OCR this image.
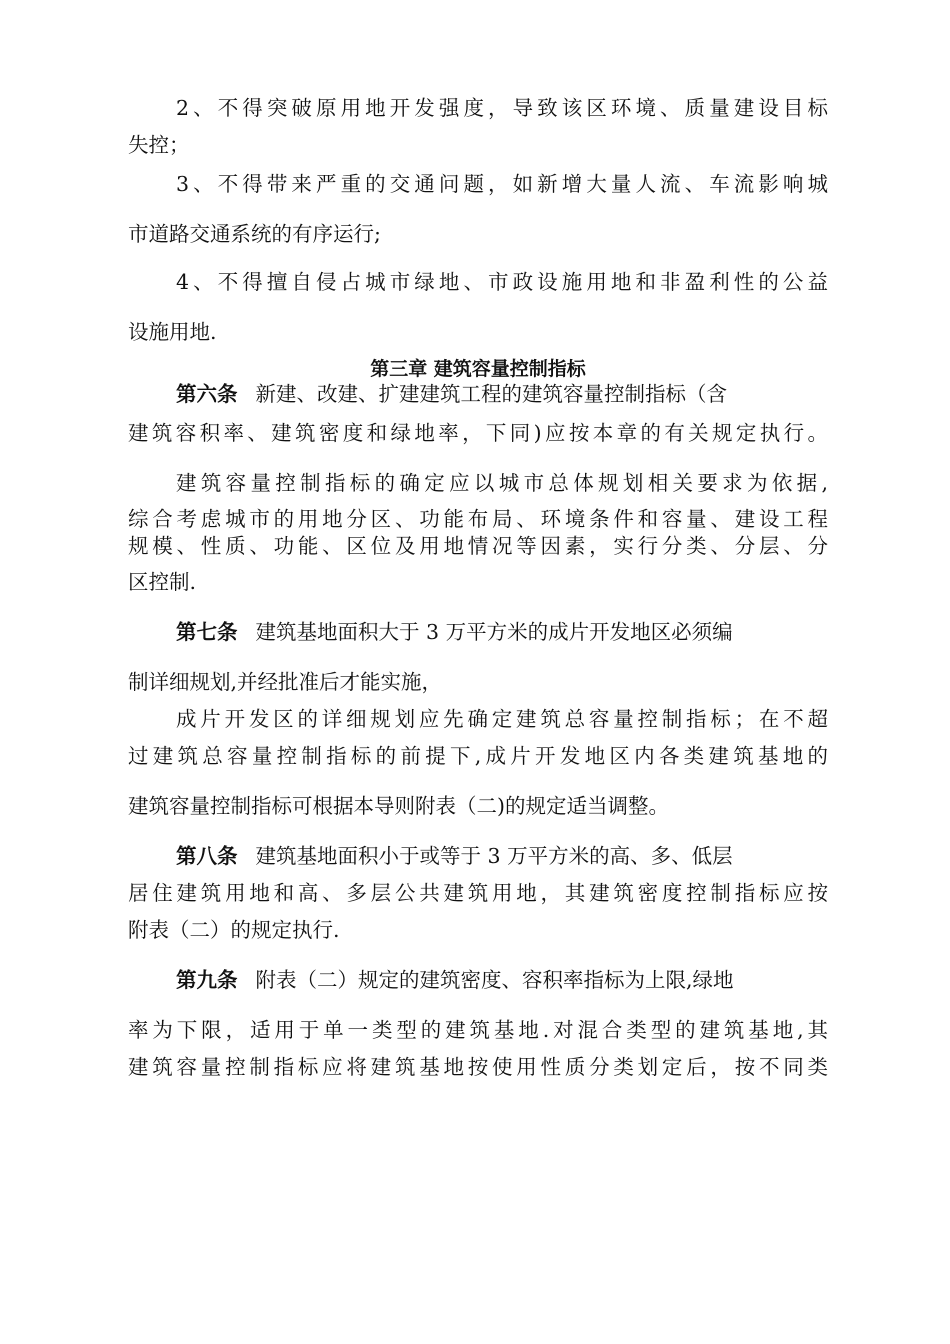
2、不得突破原用地开发强度，导致该区环境、质量建设目标
失控；
3、不得带来严重的交通问题，如新增大量人流、车流影响城
市道路交通系统的有序运行;
4、不得擅自侵占城市绿地、市政设施用地和非盈利性的公益
设施用地.
第三章 建筑容量控制指标
第六条 新建、改建、扩建建筑工程的建筑容量控制指标（含
建筑容积率、建筑密度和绿地率，下同)应按本章的有关规定执行。
建筑容量控制指标的确定应以城市总体规划相关要求为依据,
综合考虑城市的用地分区、功能布局、环境条件和容量、建设工程
规模、性质、功能、区位及用地情况等因素，实行分类、分层、分
区控制.
第七条 建筑基地面积大于 3 万平方米的成片开发地区必须编
制详细规划,并经批准后才能实施，
成片开发区的详细规划应先确定建筑总容量控制指标；在不超
过建筑总容量控制指标的前提下,成片开发地区内各类建筑基地的
建筑容量控制指标可根据本导则附表（二)的规定适当调整。
第八条 建筑基地面积小于或等于 3 万平方米的高、多、低层
居住建筑用地和高、多层公共建筑用地，其建筑密度控制指标应按
附表（二）的规定执行.
第九条 附表（二）规定的建筑密度、容积率指标为上限,绿地
率为下限，适用于单一类型的建筑基地.对混合类型的建筑基地,其
建筑容量控制指标应将建筑基地按使用性质分类划定后，按不同类
